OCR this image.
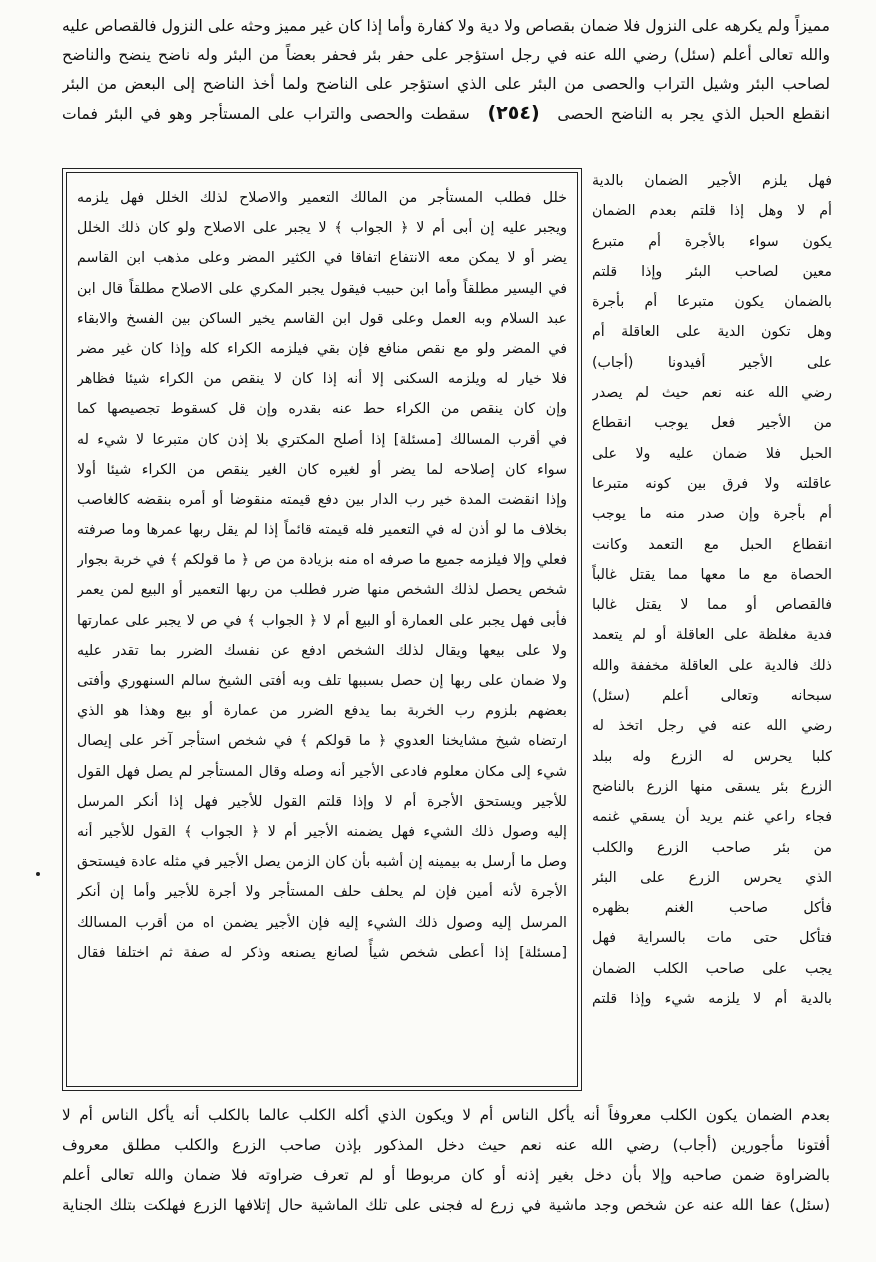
مميزاً ولم يكرهه على النزول فلا ضمان بقصاص ولا دية ولا كفارة وأما إذا كان غير مميز وحثه على النزول فالقصاص عليه
والله تعالى أعلم (سئل) رضي الله عنه في رجل استؤجر على حفر بئر فحفر بعضاً من البئر وله ناضح ينضح والناضح
لصاحب البئر وشيل التراب والحصى من البئر على الذي استؤجر على الناضح ولما أخذ الناضح إلى البعض من البئر
انقطع الحبل الذي يجر به الناضح الحصى (٢٥٤) سقطت والحصى والتراب على المستأجر وهو في البئر فمات
فهل يلزم الأجير الضمان بالدية
أم لا وهل إذا قلتم بعدم الضمان
يكون سواء بالأجرة أم متبرع
معين لصاحب البئر وإذا قلتم
بالضمان يكون متبرعا أم بأجرة
وهل تكون الدية على العاقلة أم
على الأجير أفيدونا (أجاب)
رضي الله عنه نعم حيث لم يصدر
من الأجير فعل يوجب انقطاع
الحبل فلا ضمان عليه ولا على
عاقلته ولا فرق بين كونه متبرعا
أم بأجرة وإن صدر منه ما يوجب
انقطاع الحبل مع التعمد وكانت
الحصاة مع ما معها مما يقتل غالباً
فالقصاص أو مما لا يقتل غالبا
فدية مغلظة على العاقلة أو لم يتعمد
ذلك فالدية على العاقلة مخففة والله
سبحانه وتعالى أعلم (سئل)
رضي الله عنه في رجل اتخذ له
كلبا يحرس له الزرع وله ببلد
الزرع بئر يسقى منها الزرع بالناضح
فجاء راعي غنم يريد أن يسقي غنمه
من بئر صاحب الزرع والكلب
الذي يحرس الزرع على البئر
فأكل صاحب الغنم بظهره
فتأكل حتى مات بالسراية فهل
يجب على صاحب الكلب الضمان
بالدية أم لا يلزمه شيء وإذا قلتم
خلل فطلب المستأجر من المالك التعمير والاصلاح لذلك الخلل فهل يلزمه
ويجبر عليه إن أبى أم لا ﴿ الجواب ﴾ لا يجبر على الاصلاح ولو كان ذلك الخلل
يضر أو لا يمكن معه الانتفاع اتفاقا في الكثير المضر وعلى مذهب ابن القاسم
في اليسير مطلقاً وأما ابن حبيب فيقول يجبر المكري على الاصلاح مطلقاً قال ابن
عبد السلام وبه العمل وعلى قول ابن القاسم يخير الساكن بين الفسخ والابقاء
في المضر ولو مع نقص منافع فإن بقي فيلزمه الكراء كله وإذا كان غير مضر
فلا خيار له ويلزمه السكنى إلا أنه إذا كان لا ينقص من الكراء شيئا فظاهر
وإن كان ينقص من الكراء حط عنه بقدره وإن قل كسقوط تجصيصها كما
في أقرب المسالك [مسئلة] إذا أصلح المكتري بلا إذن كان متبرعا لا شيء له
سواء كان إصلاحه لما يضر أو لغيره كان الغير ينقص من الكراء شيئا أولا
وإذا انقضت المدة خير رب الدار بين دفع قيمته منقوضا أو أمره بنقضه كالغاصب
بخلاف ما لو أذن له في التعمير فله قيمته قائماً إذا لم يقل ربها عمرها وما صرفته
فعلي وإلا فيلزمه جميع ما صرفه اه منه بزيادة من ص ﴿ ما قولكم ﴾ في خربة بجوار
شخص يحصل لذلك الشخص منها ضرر فطلب من ربها التعمير أو البيع لمن يعمر
فأبى فهل يجبر على العمارة أو البيع أم لا ﴿ الجواب ﴾ في ص لا يجبر على عمارتها
ولا على بيعها ويقال لذلك الشخص ادفع عن نفسك الضرر بما تقدر عليه
ولا ضمان على ربها إن حصل بسببها تلف وبه أفتى الشيخ سالم السنهوري وأفتى
بعضهم بلزوم رب الخربة بما يدفع الضرر من عمارة أو بيع وهذا هو الذي
ارتضاه شيخ مشايخنا العدوي ﴿ ما قولكم ﴾ في شخص استأجر آخر على إيصال
شيء إلى مكان معلوم فادعى الأجير أنه وصله وقال المستأجر لم يصل فهل القول
للأجير ويستحق الأجرة أم لا وإذا قلتم القول للأجير فهل إذا أنكر المرسل
إليه وصول ذلك الشيء فهل يضمنه الأجير أم لا ﴿ الجواب ﴾ القول للأجير أنه
وصل ما أرسل به بيمينه إن أشبه بأن كان الزمن يصل الأجير في مثله عادة فيستحق
الأجرة لأنه أمين فإن لم يحلف حلف المستأجر ولا أجرة للأجير وأما إن أنكر
المرسل إليه وصول ذلك الشيء إليه فإن الأجير يضمن اه من أقرب المسالك
[مسئلة] إذا أعطى شخص شيأً لصانع يصنعه وذكر له صفة ثم اختلفا فقال
بعدم الضمان يكون الكلب معروفاً أنه يأكل الناس أم لا ويكون الذي أكله الكلب عالما بالكلب أنه يأكل الناس أم لا
أفتونا مأجورين (أجاب) رضي الله عنه نعم حيث دخل المذكور بإذن صاحب الزرع والكلب مطلق معروف
بالضراوة ضمن صاحبه وإلا بأن دخل بغير إذنه أو كان مربوطا أو لم تعرف ضراوته فلا ضمان والله تعالى أعلم
(سئل) عفا الله عنه عن شخص وجد ماشية في زرع له فجنى على تلك الماشية حال إتلافها الزرع فهلكت بتلك الجناية
